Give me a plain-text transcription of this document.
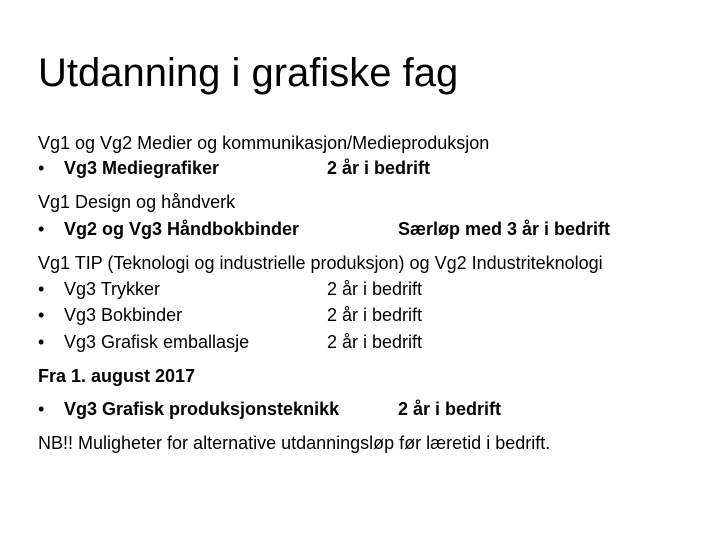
Utdanning i grafiske fag
Vg1 og Vg2 Medier og kommunikasjon/Medieproduksjon
• Vg3 Mediegrafiker	2 år i bedrift
Vg1 Design og håndverk
• Vg2 og Vg3 Håndbokbinder	Særløp med 3 år i bedrift
Vg1 TIP (Teknologi og industrielle produksjon) og Vg2 Industriteknologi
• Vg3 Trykker	2 år i bedrift
• Vg3 Bokbinder	2 år i bedrift
• Vg3 Grafisk emballasje	2 år i bedrift
Fra 1. august 2017
• Vg3 Grafisk produksjonsteknikk	2 år i bedrift
NB!! Muligheter for alternative utdanningsløp før læretid i bedrift.
